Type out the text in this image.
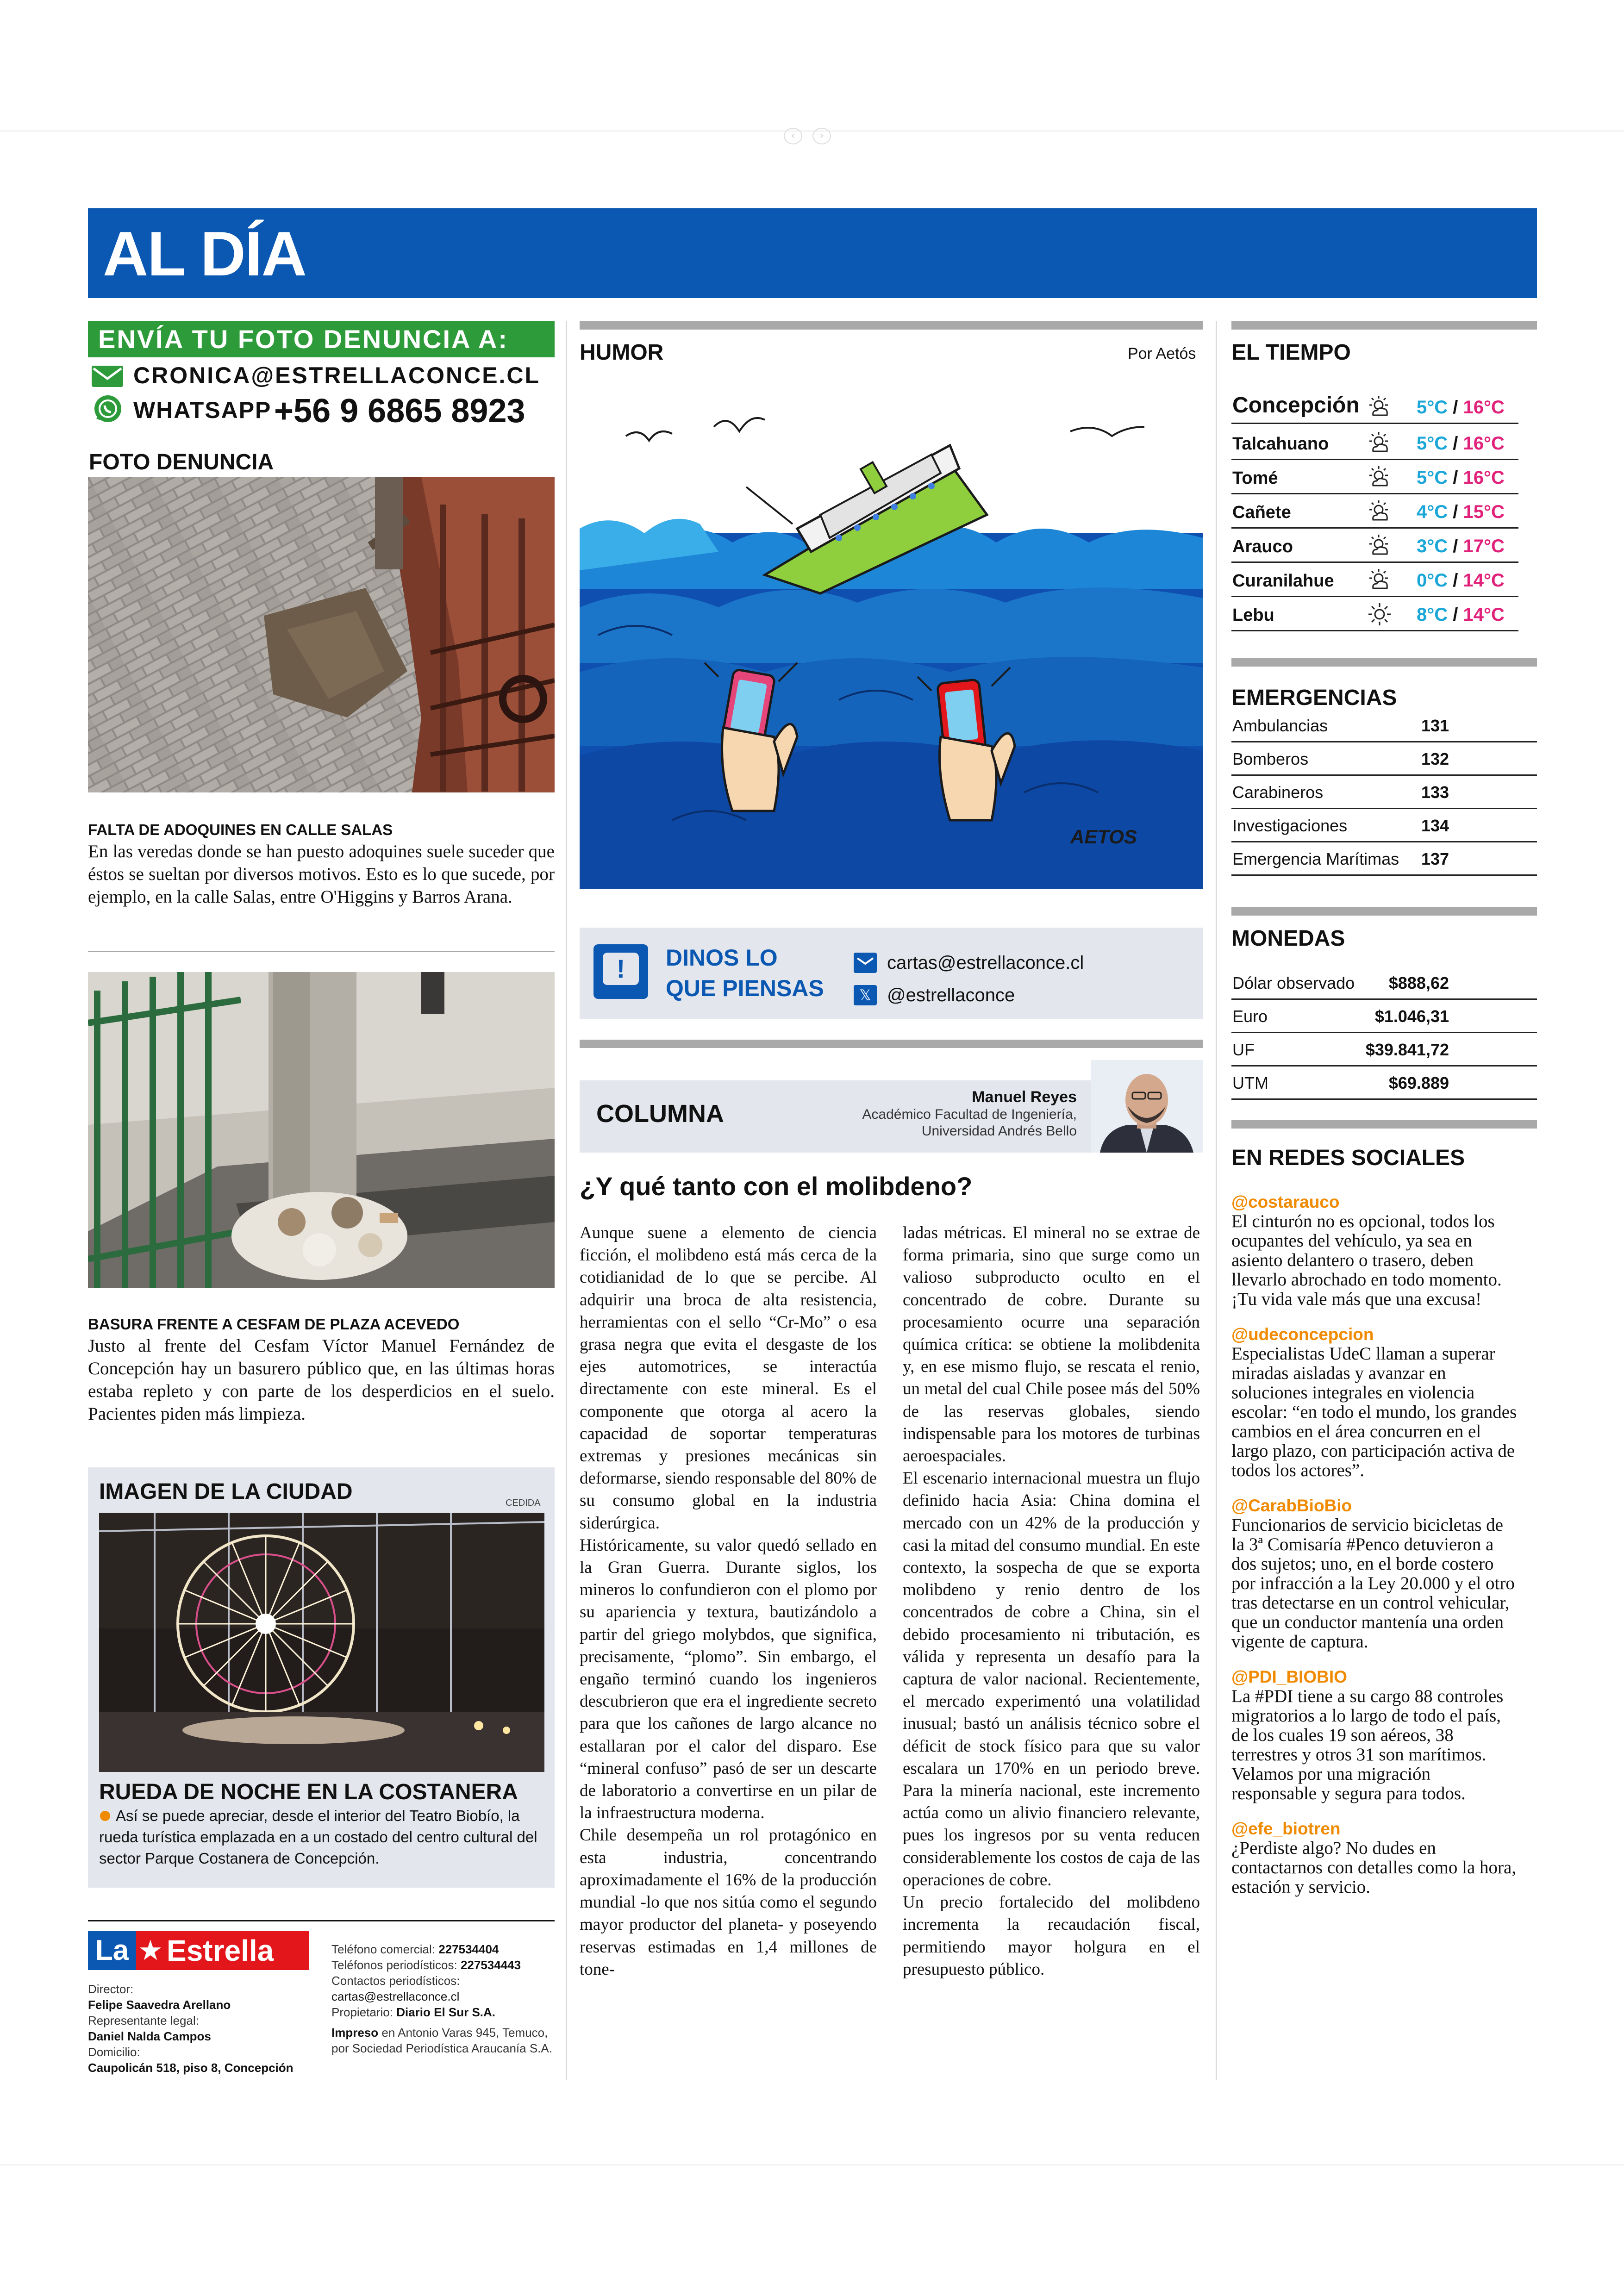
‹	›
AL DÍA
ENVÍA TU FOTO DENUNCIA A:
CRONICA@ESTRELLACONCE.CL
WHATSAPP +56 9 6865 8923
FOTO DENUNCIA
FALTA DE ADOQUINES EN CALLE SALAS
En las veredas donde se han puesto adoquines suele suceder que éstos se sueltan por diversos motivos. Esto es lo que sucede, por ejemplo, en la calle Salas, entre O'Higgins y Barros Arana.
BASURA FRENTE A CESFAM DE PLAZA ACEVEDO
Justo al frente del Cesfam Víctor Manuel Fernández de Concepción hay un basurero público que, en las últimas horas estaba repleto y con parte de los desperdicios en el suelo. Pacientes piden más limpieza.
IMAGEN DE LA CIUDAD	CEDIDA
RUEDA DE NOCHE EN LA COSTANERA
Así se puede apreciar, desde el interior del Teatro Biobío, la rueda turística emplazada en a un costado del centro cultural del sector Parque Costanera de Concepción.
La ★ Estrella
Director:
Felipe Saavedra Arellano
Representante legal:
Daniel Nalda Campos
Domicilio:
Caupolicán 518, piso 8, Concepción
Teléfono comercial: 227534404
Teléfonos periodísticos: 227534443
Contactos periodísticos:
cartas@estrellaconce.cl
Propietario: Diario El Sur S.A.
Impreso en Antonio Varas 945, Temuco, por Sociedad Periodística Araucanía S.A.
HUMOR	Por Aetós
AETOS
!	DINOS LO
QUE PIENSAS
cartas@estrellaconce.cl
𝕏 @estrellaconce
COLUMNA
Manuel Reyes
Académico Facultad de Ingeniería,
Universidad Andrés Bello
¿Y qué tanto con el molibdeno?

Aunque suene a elemento de ciencia ficción, el molibdeno está más cerca de la cotidianidad de lo que se percibe. Al adquirir una broca de alta resistencia, herramientas con el sello “Cr-Mo” o esa grasa negra que evita el desgaste de los ejes automotrices, se interactúa directamente con este mineral. Es el componente que otorga al acero la capacidad de soportar temperaturas extremas y presiones mecánicas sin deformarse, siendo responsable del 80% de su consumo global en la industria siderúrgica.

Históricamente, su valor quedó sellado en la Gran Guerra. Durante siglos, los mineros lo confundieron con el plomo por su apariencia y textura, bautizándolo a partir del griego molybdos, que significa, precisamente, “plomo”. Sin embargo, el engaño terminó cuando los ingenieros descubrieron que era el ingrediente secreto para que los cañones de largo alcance no estallaran por el calor del disparo. Ese “mineral confuso” pasó de ser un descarte de laboratorio a convertirse en un pilar de la infraestructura moderna.

Chile desempeña un rol protagónico en esta industria, concentrando aproximadamente el 16% de la producción mundial -lo que nos sitúa como el segundo mayor productor del planeta- y poseyendo reservas estimadas en 1,4 millones de tone-

ladas métricas. El mineral no se extrae de forma primaria, sino que surge como un valioso subproducto oculto en el concentrado de cobre. Durante su procesamiento ocurre una separación química crítica: se obtiene la molibdenita y, en ese mismo flujo, se rescata el renio, un metal del cual Chile posee más del 50% de las reservas globales, siendo indispensable para los motores de turbinas aeroespaciales.

El escenario internacional muestra un flujo definido hacia Asia: China domina el mercado con un 42% de la producción y casi la mitad del consumo mundial. En este contexto, la sospecha de que se exporta molibdeno y renio dentro de los concentrados de cobre a China, sin el debido procesamiento ni tributación, es válida y representa un desafío para la captura de valor nacional. Recientemente, el mercado experimentó una volatilidad inusual; bastó un análisis técnico sobre el déficit de stock físico para que su valor escalara un 170% en un periodo breve. Para la minería nacional, este incremento actúa como un alivio financiero relevante, pues los ingresos por su venta reducen considerablemente los costos de caja de las operaciones de cobre.

Un precio fortalecido del molibdeno incrementa la recaudación fiscal, permitiendo mayor holgura en el presupuesto público.

EL TIEMPO
Concepción	5°C / 16°C
Talcahuano	5°C / 16°C
Tomé	5°C / 16°C
Cañete	4°C / 15°C
Arauco	3°C / 17°C
Curanilahue	0°C / 14°C
Lebu	8°C / 14°C
EMERGENCIAS
Ambulancias	131
Bomberos	132
Carabineros	133
Investigaciones	134
Emergencia Marítimas 137
MONEDAS
Dólar observado $888,62
Euro	$1.046,31
UF	$39.841,72
UTM	$69.889
EN REDES SOCIALES
@costarauco
El cinturón no es opcional, todos los ocupantes del vehículo, ya sea en asiento delantero o trasero, deben llevarlo abrochado en todo momento. ¡Tu vida vale más que una excusa!
@udeconcepcion
Especialistas UdeC llaman a superar miradas aisladas y avanzar en soluciones integrales en violencia escolar: “en todo el mundo, los grandes cambios en el área concurren en el largo plazo, con participación activa de todos los actores”.
@CarabBioBio
Funcionarios de servicio bicicletas de la 3ª Comisaría #Penco detuvieron a dos sujetos; uno, en el borde costero por infracción a la Ley 20.000 y el otro tras detectarse en un control vehicular, que un conductor mantenía una orden vigente de captura.
@PDI_BIOBIO
La #PDI tiene a su cargo 88 controles migratorios a lo largo de todo el país, de los cuales 19 son aéreos, 38 terrestres y otros 31 son marítimos. Velamos por una migración responsable y segura para todos.
@efe_biotren
¿Perdiste algo? No dudes en contactarnos con detalles como la hora, estación y servicio.
